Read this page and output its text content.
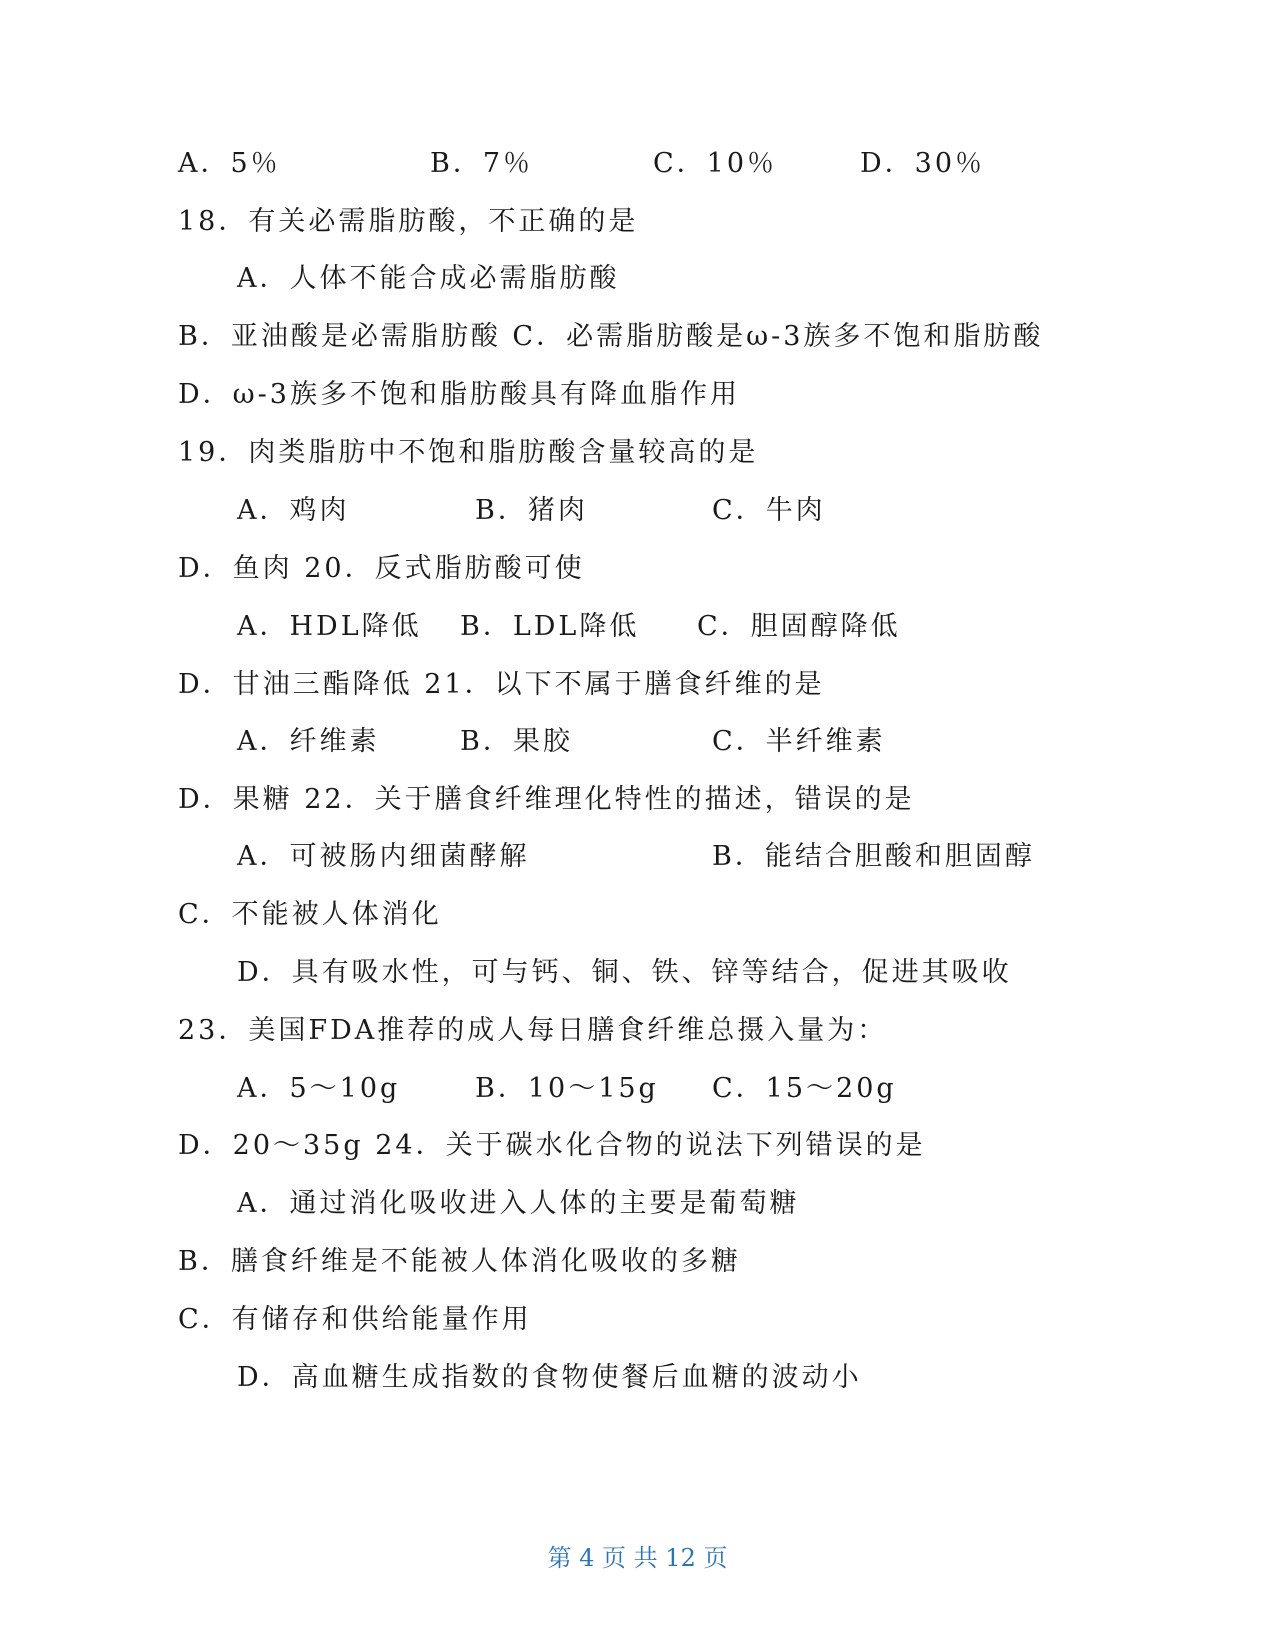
A．5％	B．7％	C．10％	D．30％
18．有关必需脂肪酸，不正确的是
A．人体不能合成必需脂肪酸
B．亚油酸是必需脂肪酸 C．必需脂肪酸是ω-3族多不饱和脂肪酸
D．ω-3族多不饱和脂肪酸具有降血脂作用
19．肉类脂肪中不饱和脂肪酸含量较高的是
A．鸡肉	B．猪肉	C．牛肉
D．鱼肉 20．反式脂肪酸可使
A．HDL降低 B．LDL降低 C．胆固醇降低
D．甘油三酯降低 21．以下不属于膳食纤维的是
A．纤维素	B．果胶	C．半纤维素
D．果糖 22．关于膳食纤维理化特性的描述，错误的是
A．可被肠内细菌酵解	B．能结合胆酸和胆固醇
C．不能被人体消化
D．具有吸水性，可与钙、铜、铁、锌等结合，促进其吸收
23．美国FDA推荐的成人每日膳食纤维总摄入量为：
A．5～10g	B．10～15g C．15～20g
D．20～35g 24．关于碳水化合物的说法下列错误的是
A．通过消化吸收进入人体的主要是葡萄糖
B．膳食纤维是不能被人体消化吸收的多糖
C．有储存和供给能量作用
D．高血糖生成指数的食物使餐后血糖的波动小
第 4 页 共 12 页
